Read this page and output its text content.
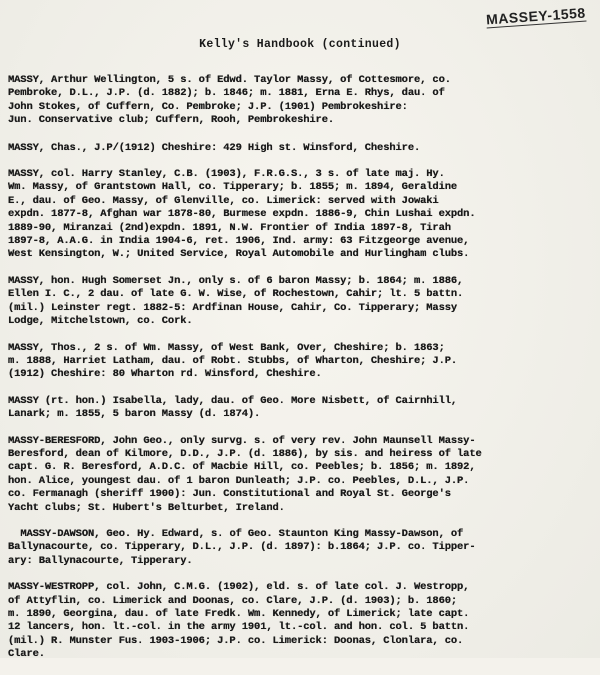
MASSEY-1558
Kelly's Handbook (continued)
MASSY, Arthur Wellington, 5 s. of Edwd. Taylor Massy, of Cottesmore, co.
Pembroke, D.L., J.P. (d. 1882); b. 1846; m. 1881, Erna E. Rhys, dau. of
John Stokes, of Cuffern, Co. Pembroke; J.P. (1901) Pembrokeshire:
Jun. Conservative club; Cuffern, Rooh, Pembrokeshire.
MASSY, Chas., J.P/(1912) Cheshire: 429 High st. Winsford, Cheshire.
MASSY, col. Harry Stanley, C.B. (1903), F.R.G.S., 3 s. of late maj. Hy.
Wm. Massy, of Grantstown Hall, co. Tipperary; b. 1855; m. 1894, Geraldine
E., dau. of Geo. Massy, of Glenville, co. Limerick: served with Jowaki
expdn. 1877-8, Afghan war 1878-80, Burmese expdn. 1886-9, Chin Lushai expdn.
1889-90, Miranzai (2nd)expdn. 1891, N.W. Frontier of India 1897-8, Tirah
1897-8, A.A.G. in India 1904-6, ret. 1906, Ind. army: 63 Fitzgeorge avenue,
West Kensington, W.; United Service, Royal Automobile and Hurlingham clubs.
MASSY, hon. Hugh Somerset Jn., only s. of 6 baron Massy; b. 1864; m. 1886,
Ellen I. C., 2 dau. of late G. W. Wise, of Rochestown, Cahir; lt. 5 battn.
(mil.) Leinster regt. 1882-5: Ardfinan House, Cahir, Co. Tipperary; Massy
Lodge, Mitchelstown, co. Cork.
MASSY, Thos., 2 s. of Wm. Massy, of West Bank, Over, Cheshire; b. 1863;
m. 1888, Harriet Latham, dau. of Robt. Stubbs, of Wharton, Cheshire; J.P.
(1912) Cheshire: 80 Wharton rd. Winsford, Cheshire.
MASSY (rt. hon.) Isabella, lady, dau. of Geo. More Nisbett, of Cairnhill,
Lanark; m. 1855, 5 baron Massy (d. 1874).
MASSY-BERESFORD, John Geo., only survg. s. of very rev. John Maunsell Massy-
Beresford, dean of Kilmore, D.D., J.P. (d. 1886), by sis. and heiress of late
capt. G. R. Beresford, A.D.C. of Macbie Hill, co. Peebles; b. 1856; m. 1892,
hon. Alice, youngest dau. of 1 baron Dunleath; J.P. co. Peebles, D.L., J.P.
co. Fermanagh (sheriff 1900): Jun. Constitutional and Royal St. George's
Yacht clubs; St. Hubert's Belturbet, Ireland.
MASSY-DAWSON, Geo. Hy. Edward, s. of Geo. Staunton King Massy-Dawson, of
Ballynacourte, co. Tipperary, D.L., J.P. (d. 1897): b.1864; J.P. co. Tipper-
ary: Ballynacourte, Tipperary.
MASSY-WESTROPP, col. John, C.M.G. (1902), eld. s. of late col. J. Westropp,
of Attyflin, co. Limerick and Doonas, co. Clare, J.P. (d. 1903); b. 1860;
m. 1890, Georgina, dau. of late Fredk. Wm. Kennedy, of Limerick; late capt.
12 lancers, hon. lt.-col. in the army 1901, lt.-col. and hon. col. 5 battn.
(mil.) R. Munster Fus. 1903-1906; J.P. co. Limerick: Doonas, Clonlara, co.
Clare.
